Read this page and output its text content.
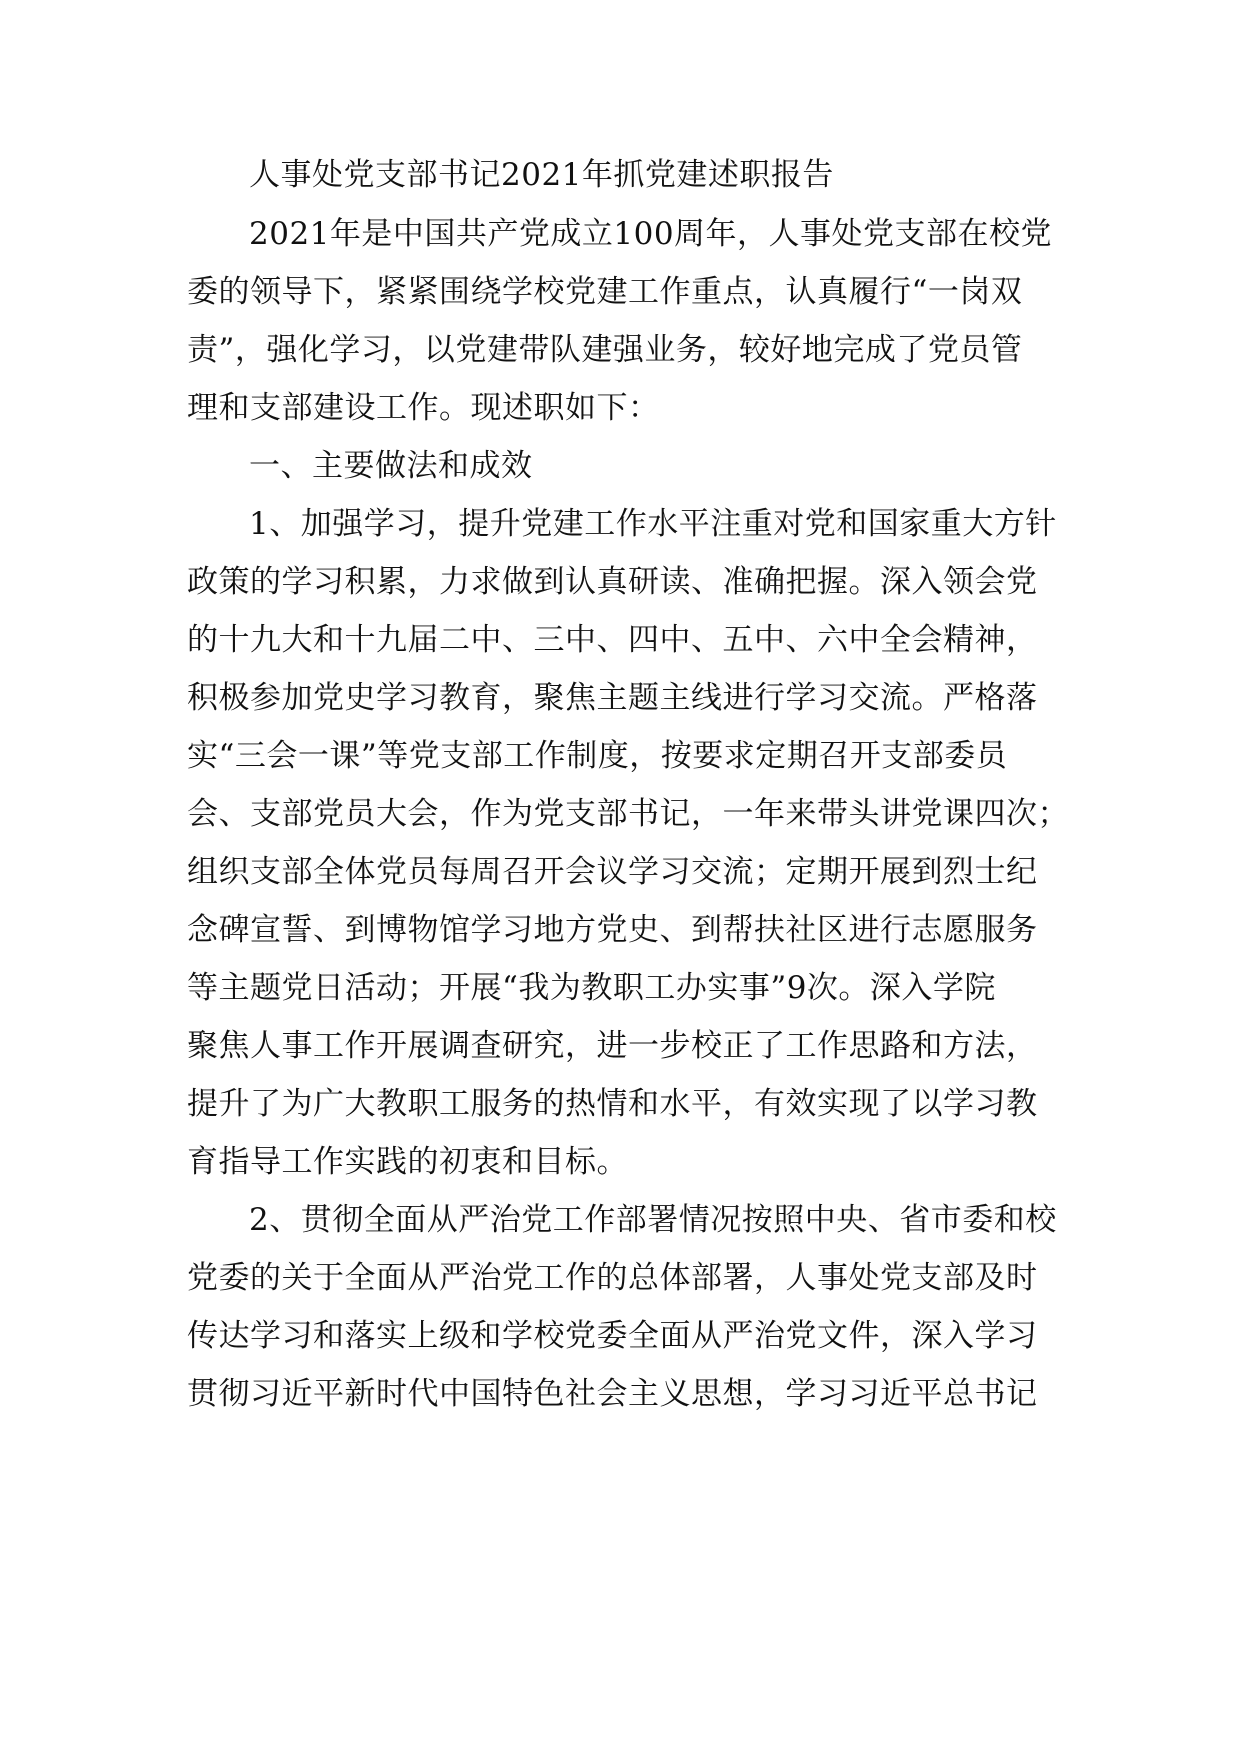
人事处党支部书记2021年抓党建述职报告
2021年是中国共产党成立100周年，人事处党支部在校党
委的领导下，紧紧围绕学校党建工作重点，认真履行“一岗双
责”，强化学习，以党建带队建强业务，较好地完成了党员管
理和支部建设工作。现述职如下：
一、主要做法和成效
1、加强学习，提升党建工作水平注重对党和国家重大方针
政策的学习积累，力求做到认真研读、准确把握。深入领会党
的十九大和十九届二中、三中、四中、五中、六中全会精神，
积极参加党史学习教育，聚焦主题主线进行学习交流。严格落
实“三会一课”等党支部工作制度，按要求定期召开支部委员
会、支部党员大会，作为党支部书记，一年来带头讲党课四次；
组织支部全体党员每周召开会议学习交流；定期开展到烈士纪
念碑宣誓、到博物馆学习地方党史、到帮扶社区进行志愿服务
等主题党日活动；开展“我为教职工办实事”9次。深入学院
聚焦人事工作开展调查研究，进一步校正了工作思路和方法，
提升了为广大教职工服务的热情和水平，有效实现了以学习教
育指导工作实践的初衷和目标。
2、贯彻全面从严治党工作部署情况按照中央、省市委和校
党委的关于全面从严治党工作的总体部署，人事处党支部及时
传达学习和落实上级和学校党委全面从严治党文件，深入学习
贯彻习近平新时代中国特色社会主义思想，学习习近平总书记
